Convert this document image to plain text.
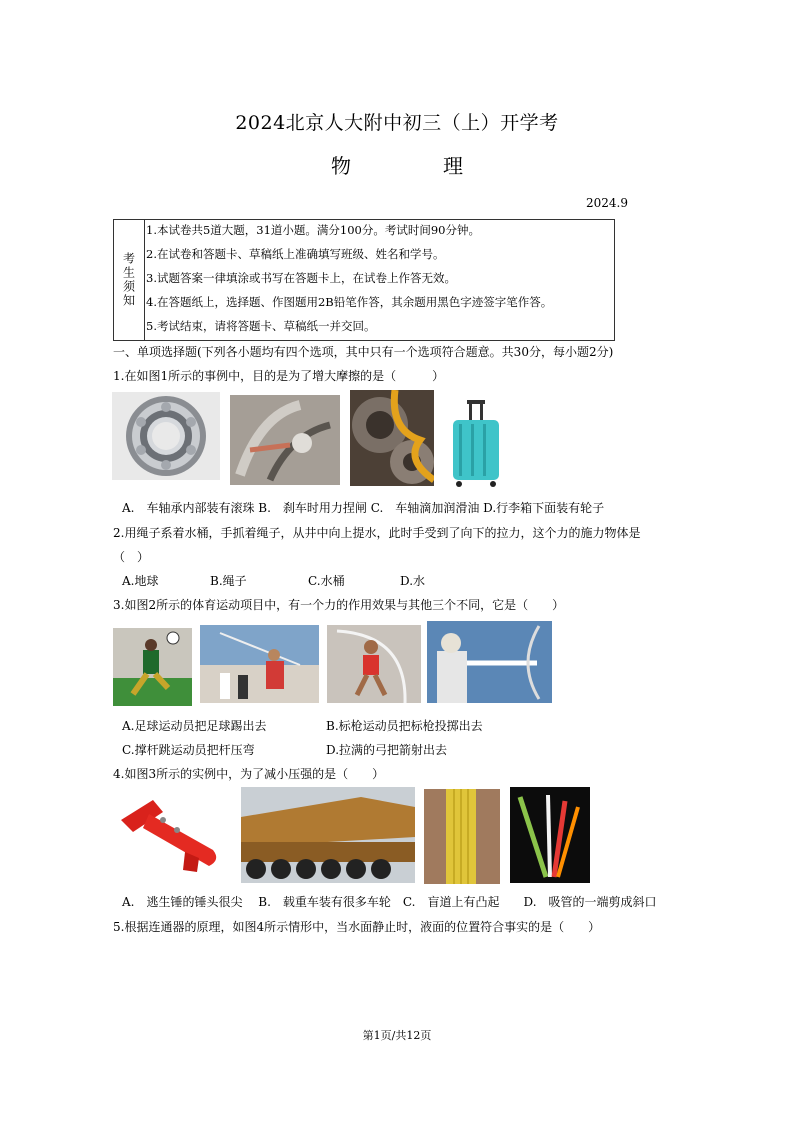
2024北京人大附中初三（上）开学考
物　理
2024.9
考生须知
1.本试卷共5道大题，31道小题。满分100分。考试时间90分钟。
2.在试卷和答题卡、草稿纸上准确填写班级、姓名和学号。
3.试题答案一律填涂或书写在答题卡上，在试卷上作答无效。
4.在答题纸上，选择题、作图题用2B铅笔作答，其余题用黑色字迹签字笔作答。
5.考试结束，请将答题卡、草稿纸一并交回。
一、单项选择题(下列各小题均有四个选项，其中只有一个选项符合题意。共30分，每小题2分)
1.在如图1所示的事例中，目的是为了增大摩擦的是（　　　）
A.　车轴承内部装有滚珠 B.　刹车时用力捏闸 C.　车轴滴加润滑油 D.行李箱下面装有轮子
2.用绳子系着水桶，手抓着绳子，从井中向上提水，此时手受到了向下的拉力，这个力的施力物体是
（　）
A.地球	B.绳子	C.水桶	D.水
3.如图2所示的体育运动项目中，有一个力的作用效果与其他三个不同，它是（　　）
A.足球运动员把足球踢出去	B.标枪运动员把标枪投掷出去
C.撑杆跳运动员把杆压弯	D.拉满的弓把箭射出去
4.如图3所示的实例中，为了减小压强的是（　　）
A.　逃生锤的锤头很尖　 B.　载重车装有很多车轮　C.　盲道上有凸起　　D.　吸管的一端剪成斜口
5.根据连通器的原理，如图4所示情形中，当水面静止时，液面的位置符合事实的是（　　）
第1页/共12页
